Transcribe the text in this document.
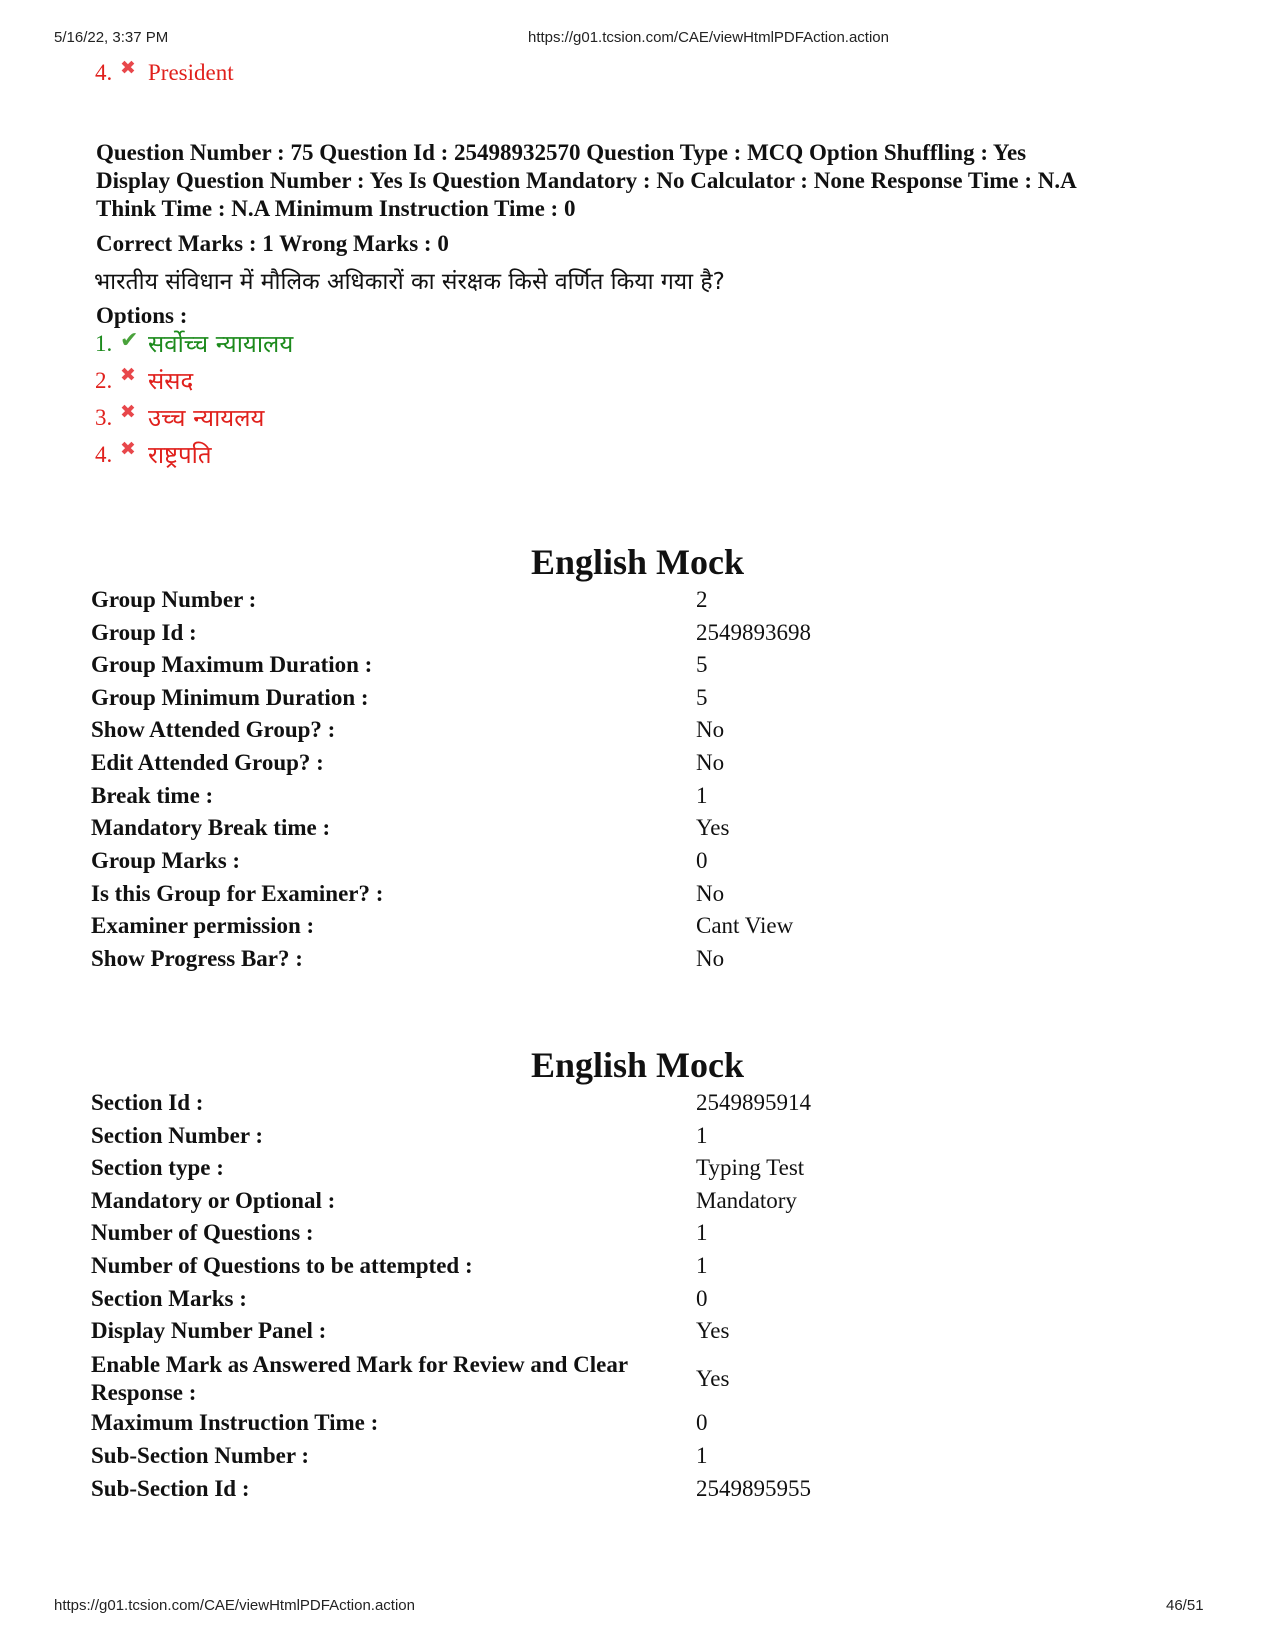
5/16/22, 3:37 PM	https://g01.tcsion.com/CAE/viewHtmlPDFAction.action
4. ✖ President
Question Number : 75 Question Id : 25498932570 Question Type : MCQ Option Shuffling : Yes
Display Question Number : Yes Is Question Mandatory : No Calculator : None Response Time : N.A
Think Time : N.A Minimum Instruction Time : 0
Correct Marks : 1 Wrong Marks : 0
भारतीय संविधान में मौलिक अधिकारों का संरक्षक किसे वर्णित किया गया है?
Options :
1. ✔ सर्वोच्च न्यायालय
2. ✖ संसद
3. ✖ उच्च न्यायलय
4. ✖ राष्ट्रपति
English Mock
Group Number :	2
Group Id :	2549893698
Group Maximum Duration :	5
Group Minimum Duration :	5
Show Attended Group? :	No
Edit Attended Group? :	No
Break time :	1
Mandatory Break time :	Yes
Group Marks :	0
Is this Group for Examiner? :	No
Examiner permission :	Cant View
Show Progress Bar? :	No
English Mock
Section Id :	2549895914
Section Number :	1
Section type :	Typing Test
Mandatory or Optional :	Mandatory
Number of Questions :	1
Number of Questions to be attempted :	1
Section Marks :	0
Display Number Panel :	Yes
Enable Mark as Answered Mark for Review and Clear Response :
Yes
Maximum Instruction Time :	0
Sub-Section Number :	1
Sub-Section Id :	2549895955
https://g01.tcsion.com/CAE/viewHtmlPDFAction.action	46/51
